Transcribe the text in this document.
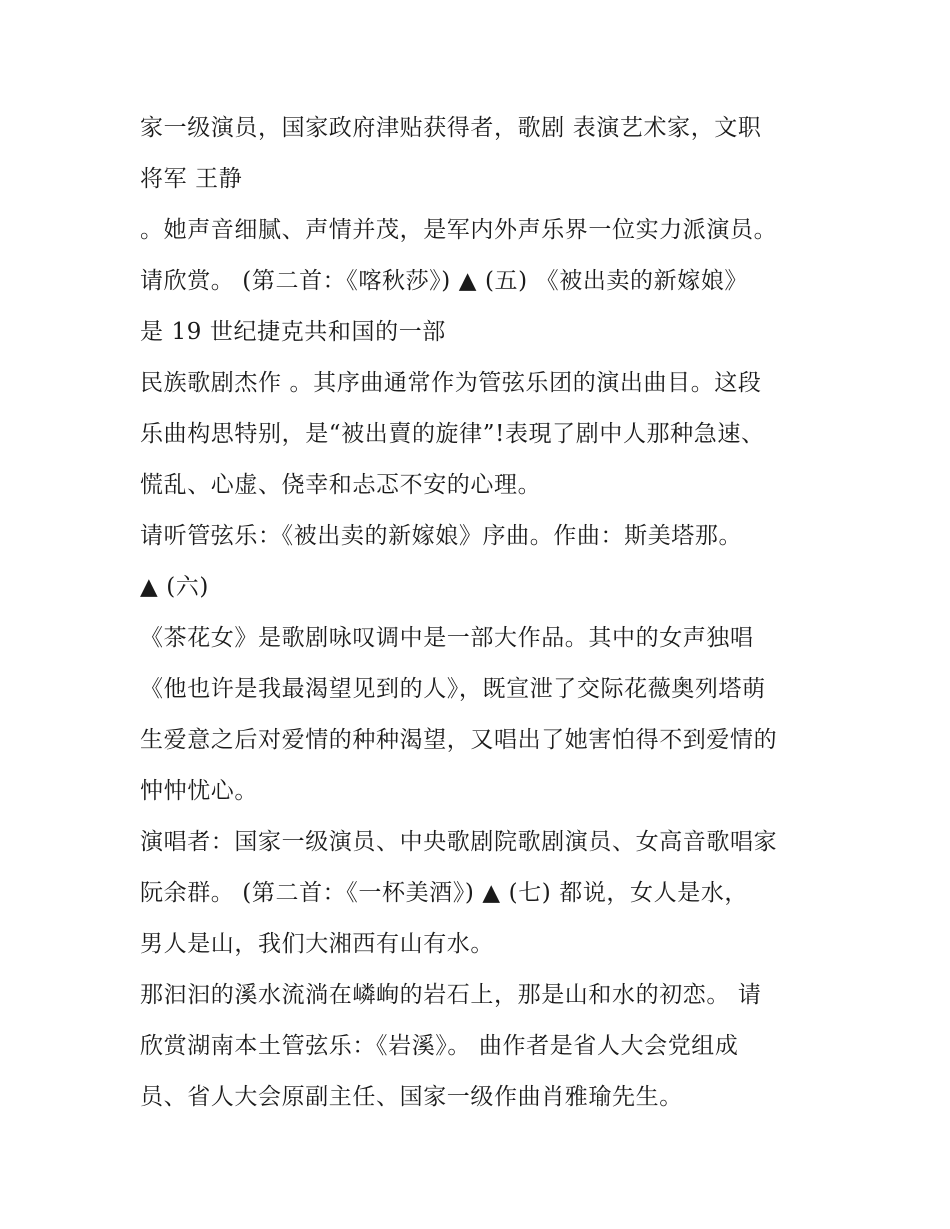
家一级演员，国家政府津贴获得者，歌剧 表演艺术家，文职
将军 王静
。她声音细腻、声情并茂，是军内外声乐界一位实力派演员。
请欣赏。 (第二首：《喀秋莎》) ▲ (五) 《被出卖的新嫁娘》
是 19 世纪捷克共和国的一部
民族歌剧杰作 。其序曲通常作为管弦乐团的演出曲目。这段
乐曲构思特别，是“被出賣的旋律”!表現了剧中人那种急速、
慌乱、心虚、侥幸和忐忑不安的心理。
请听管弦乐：《被出卖的新嫁娘》序曲。作曲：斯美塔那。
▲ (六)
《茶花女》是歌剧咏叹调中是一部大作品。其中的女声独唱
《他也许是我最渴望见到的人》，既宣泄了交际花薇奥列塔萌
生爱意之后对爱情的种种渴望，又唱出了她害怕得不到爱情的
忡忡忧心。
演唱者：国家一级演员、中央歌剧院歌剧演员、女高音歌唱家
阮余群。 (第二首：《一杯美酒》) ▲ (七) 都说，女人是水，
男人是山，我们大湘西有山有水。
那汩汩的溪水流淌在嶙峋的岩石上，那是山和水的初恋。 请
欣赏湖南本土管弦乐：《岩溪》。 曲作者是省人大会党组成
员、省人大会原副主任、国家一级作曲肖雅瑜先生。
